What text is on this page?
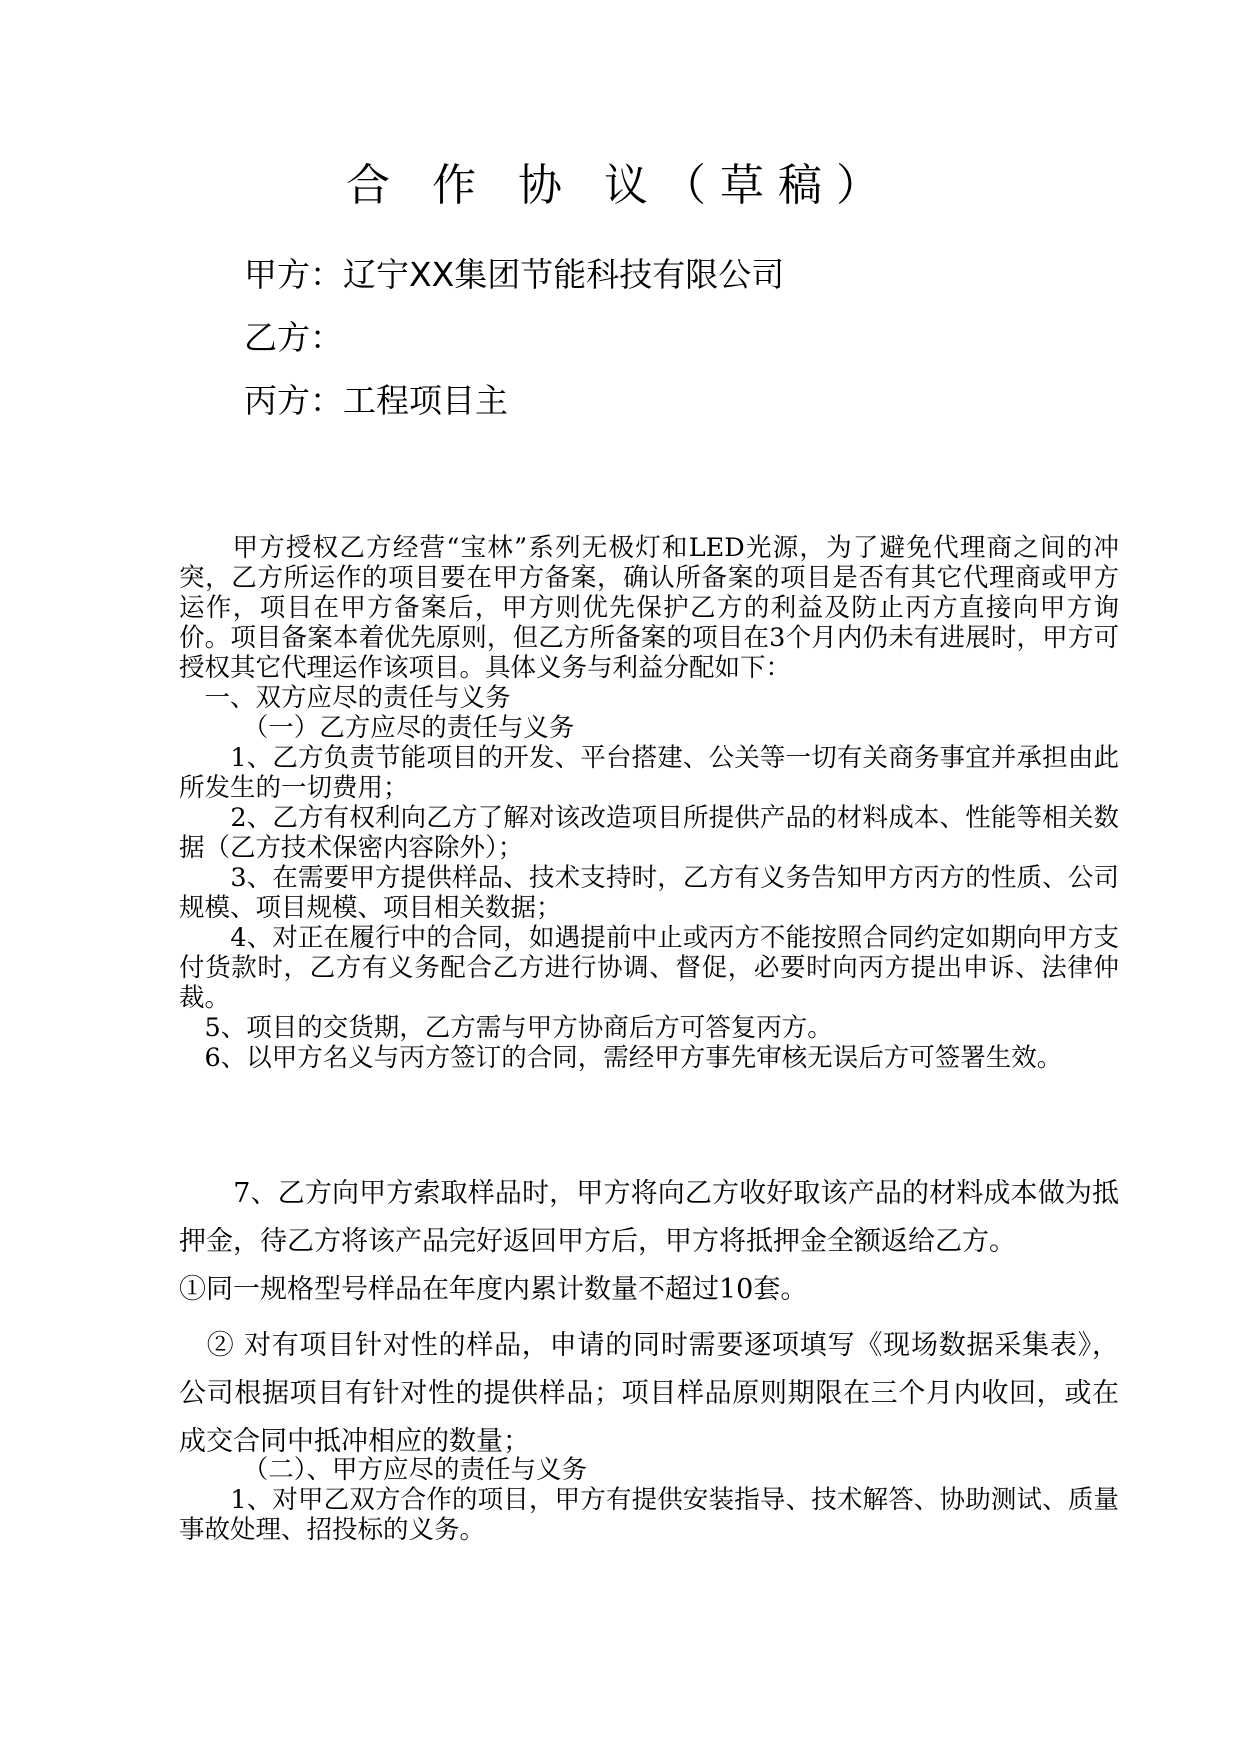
合 作 协 议（草稿）
甲方：辽宁XX集团节能科技有限公司
乙方：
丙方：工程项目主

　　甲方授权乙方经营“宝林”系列无极灯和LED光源，为了避免代理商之间的冲突，乙方所运作的项目要在甲方备案，确认所备案的项目是否有其它代理商或甲方运作，项目在甲方备案后，甲方则优先保护乙方的利益及防止丙方直接向甲方询价。项目备案本着优先原则，但乙方所备案的项目在3个月内仍未有进展时，甲方可授权其它代理运作该项目。具体义务与利益分配如下：

　一、双方应尽的责任与义务

　　　（一）乙方应尽的责任与义务

　　1、乙方负责节能项目的开发、平台搭建、公关等一切有关商务事宜并承担由此所发生的一切费用；

　　2、乙方有权利向乙方了解对该改造项目所提供产品的材料成本、性能等相关数据（乙方技术保密内容除外）；

　　3、在需要甲方提供样品、技术支持时，乙方有义务告知甲方丙方的性质、公司规模、项目规模、项目相关数据；

　　4、对正在履行中的合同，如遇提前中止或丙方不能按照合同约定如期向甲方支付货款时，乙方有义务配合乙方进行协调、督促，必要时向丙方提出申诉、法律仲裁。

　5、项目的交货期，乙方需与甲方协商后方可答复丙方。

　6、以甲方名义与丙方签订的合同，需经甲方事先审核无误后方可签署生效。

　　7、乙方向甲方索取样品时，甲方将向乙方收好取该产品的材料成本做为抵押金，待乙方将该产品完好返回甲方后，甲方将抵押金全额返给乙方。

①同一规格型号样品在年度内累计数量不超过10套。

　② 对有项目针对性的样品，申请的同时需要逐项填写《现场数据采集表》，公司根据项目有针对性的提供样品；项目样品原则期限在三个月内收回，或在成交合同中抵冲相应的数量；

　　　（二）、甲方应尽的责任与义务

　　1、对甲乙双方合作的项目，甲方有提供安装指导、技术解答、协助测试、质量事故处理、招投标的义务。
